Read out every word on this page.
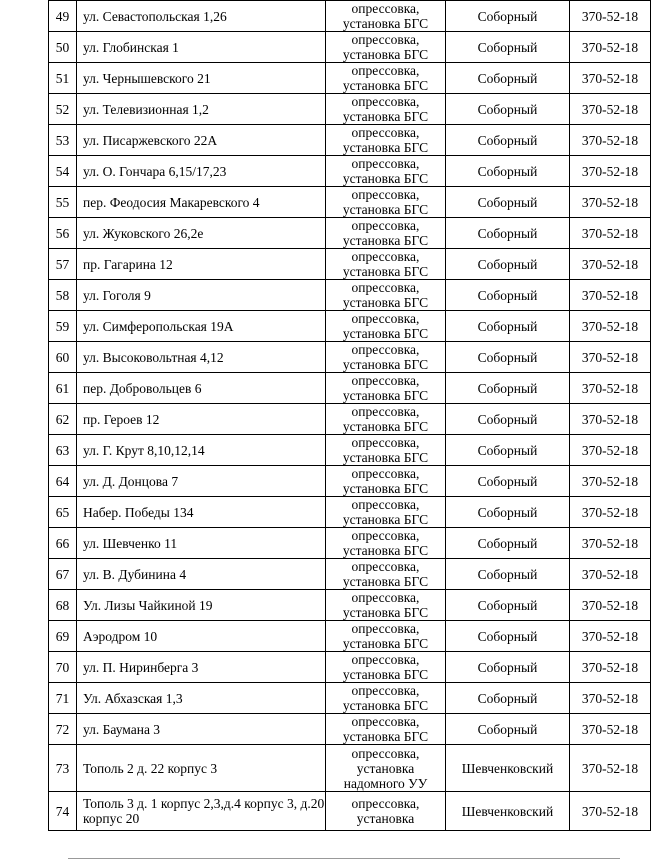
49	ул. Севастопольская 1,26	опрессовка,
установка БГС	Соборный	370-52-18
50	ул. Глобинская 1	опрессовка,
установка БГС	Соборный	370-52-18
51	ул. Чернышевского 21	опрессовка,
установка БГС	Соборный	370-52-18
52	ул. Телевизионная 1,2	опрессовка,
установка БГС	Соборный	370-52-18
53	ул. Писаржевского 22А	опрессовка,
установка БГС	Соборный	370-52-18
54	ул. О. Гончара 6,15/17,23	опрессовка,
установка БГС	Соборный	370-52-18
55	пер. Феодосия Макаревского 4	опрессовка,
установка БГС	Соборный	370-52-18
56	ул. Жуковского 26,2е	опрессовка,
установка БГС	Соборный	370-52-18
57	пр. Гагарина 12	опрессовка,
установка БГС	Соборный	370-52-18
58	ул. Гоголя 9	опрессовка,
установка БГС	Соборный	370-52-18
59	ул. Симферопольская 19А	опрессовка,
установка БГС	Соборный	370-52-18
60	ул. Высоковольтная 4,12	опрессовка,
установка БГС	Соборный	370-52-18
61	пер. Добровольцев 6	опрессовка,
установка БГС	Соборный	370-52-18
62	пр. Героев 12	опрессовка,
установка БГС	Соборный	370-52-18
63	ул. Г. Крут 8,10,12,14	опрессовка,
установка БГС	Соборный	370-52-18
64	ул. Д. Донцова 7	опрессовка,
установка БГС	Соборный	370-52-18
65	Набер. Победы 134	опрессовка,
установка БГС	Соборный	370-52-18
66	ул. Шевченко 11	опрессовка,
установка БГС	Соборный	370-52-18
67	ул. В. Дубинина 4	опрессовка,
установка БГС	Соборный	370-52-18
68	Ул. Лизы Чайкиной 19	опрессовка,
установка БГС	Соборный	370-52-18
69	Аэродром 10	опрессовка,
установка БГС	Соборный	370-52-18
70	ул. П. Ниринберга 3	опрессовка,
установка БГС	Соборный	370-52-18
71	Ул. Абхазская 1,3	опрессовка,
установка БГС	Соборный	370-52-18
72	ул. Баумана 3	опрессовка,
установка БГС	Соборный	370-52-18
73	Тополь 2 д. 22 корпус 3	опрессовка,
установка
надомного УУ	Шевченковский	370-52-18
74	Тополь 3 д. 1 корпус 2,3,д.4 корпус 3, д.20 корпус 20	опрессовка,
установка	Шевченковский	370-52-18
